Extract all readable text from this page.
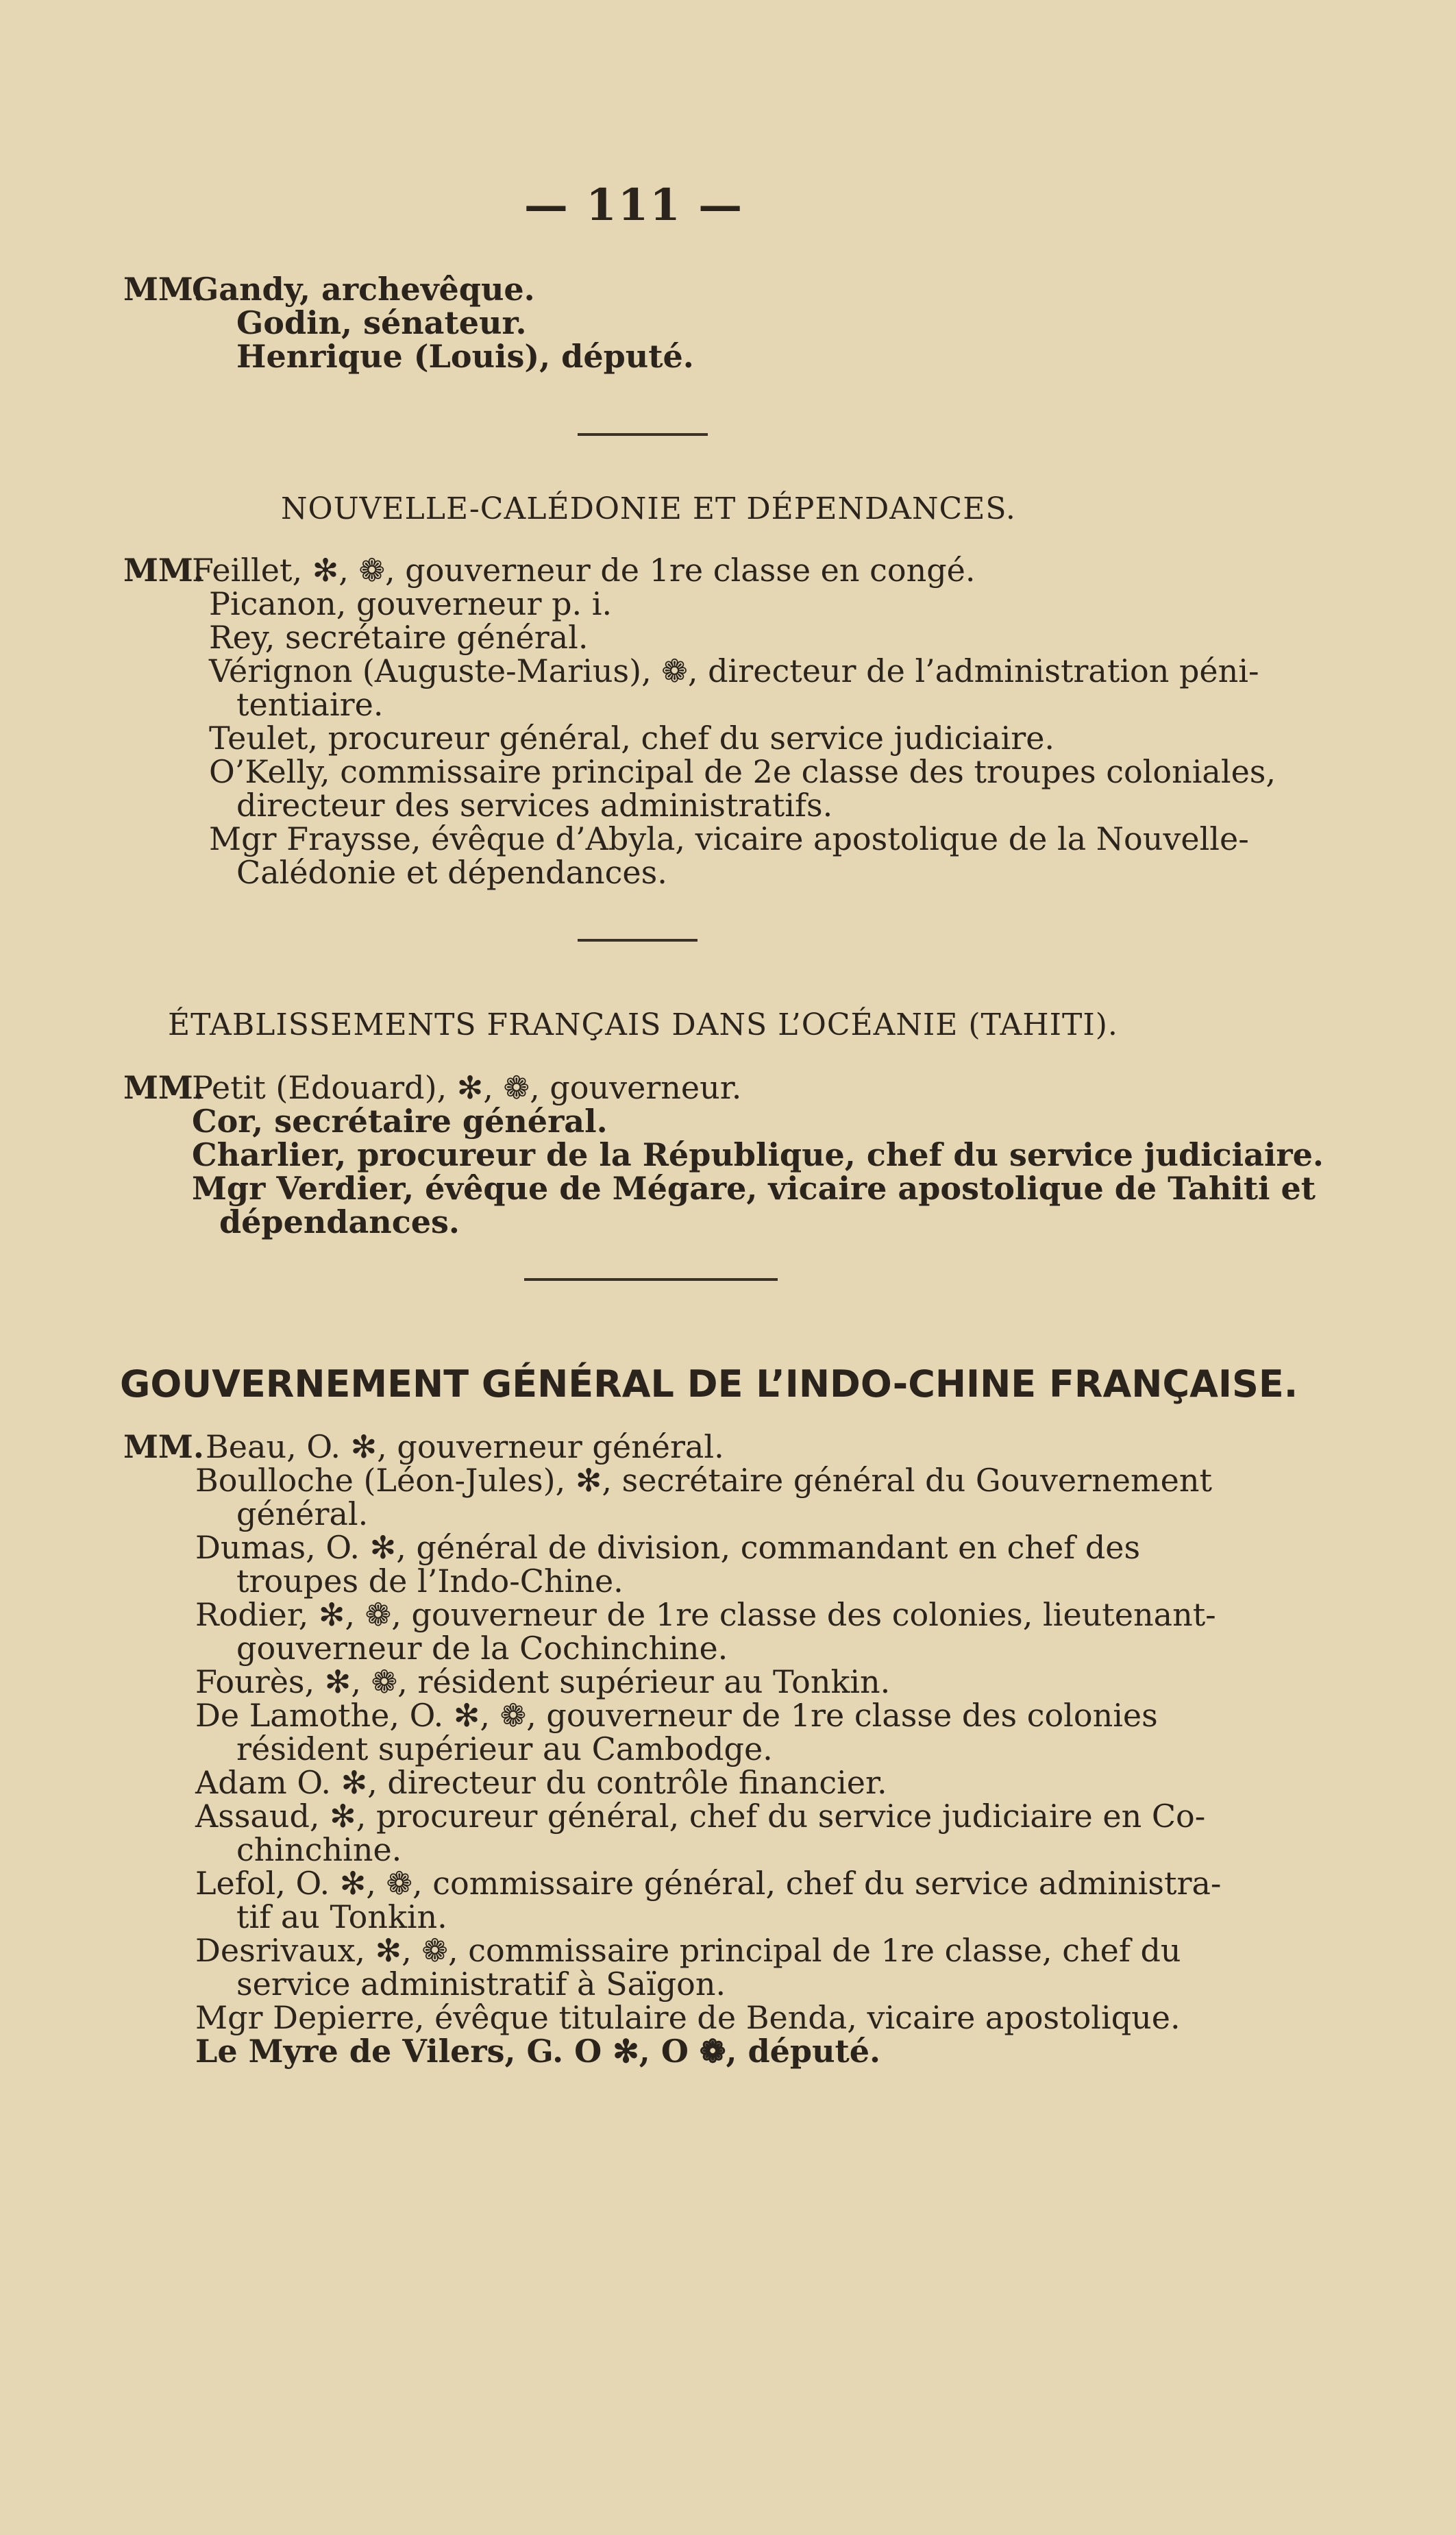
— 111 —
MM.
Gandy, archevêque.
Godin, sénateur.
Henrique (Louis), député.
NOUVELLE-CALÉDONIE ET DÉPENDANCES.
MM.
Feillet, ✻, ❁, gouverneur de 1re classe en congé.
Picanon, gouverneur p. i.
Rey, secrétaire général.
Vérignon (Auguste-Marius), ❁, directeur de l’administration péni-
tentiaire.
Teulet, procureur général, chef du service judiciaire.
O’Kelly, commissaire principal de 2e classe des troupes coloniales,
directeur des services administratifs.
Mgr Fraysse, évêque d’Abyla, vicaire apostolique de la Nouvelle-
Calédonie et dépendances.
ÉTABLISSEMENTS FRANÇAIS DANS L’OCÉANIE (TAHITI).
MM.
Petit (Edouard), ✻, ❁, gouverneur.
Cor, secrétaire général.
Charlier, procureur de la République, chef du service judiciaire.
Mgr Verdier, évêque de Mégare, vicaire apostolique de Tahiti et
dépendances.
GOUVERNEMENT GÉNÉRAL DE L’INDO-CHINE FRANÇAISE.
MM. Beau, O. ✻, gouverneur général.
Boulloche (Léon-Jules), ✻, secrétaire général du Gouvernement
général.
Dumas, O. ✻, général de division, commandant en chef des
troupes de l’Indo-Chine.
Rodier, ✻, ❁, gouverneur de 1re classe des colonies, lieutenant-
gouverneur de la Cochinchine.
Fourès, ✻, ❁, résident supérieur au Tonkin.
De Lamothe, O. ✻, ❁, gouverneur de 1re classe des colonies
résident supérieur au Cambodge.
Adam O. ✻, directeur du contrôle financier.
Assaud, ✻, procureur général, chef du service judiciaire en Co-
chinchine.
Lefol, O. ✻, ❁, commissaire général, chef du service administra-
tif au Tonkin.
Desrivaux, ✻, ❁, commissaire principal de 1re classe, chef du
service administratif à Saïgon.
Mgr Depierre, évêque titulaire de Benda, vicaire apostolique.
Le Myre de Vilers, G. O ✻, O ❁, député.
